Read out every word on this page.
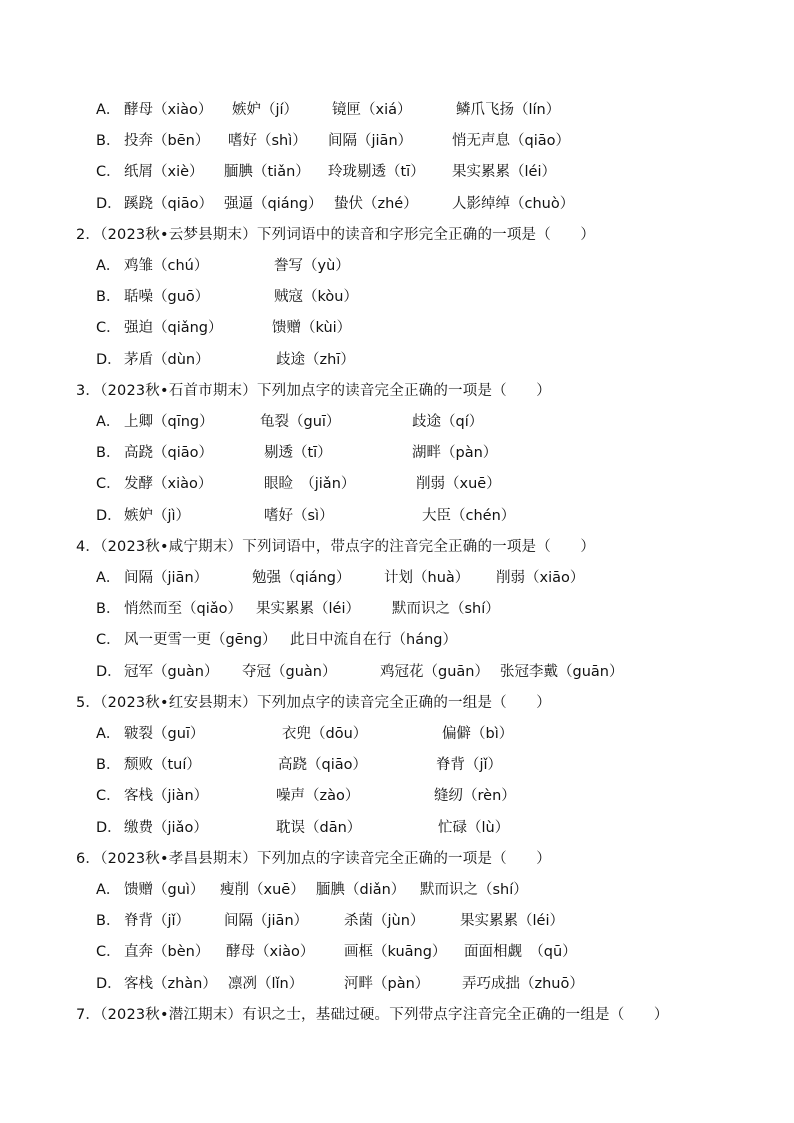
A． 酵母（xiào） 嫉妒（jí） 镜匣（xiá）	鳞爪飞扬（lín）
B． 投奔（bēn） 嗜好（shì） 间隔（jiān）	悄无声息（qiāo）
C． 纸屑（xiè） 腼腆（tiǎn） 玲珑剔透（tī） 果实累累（léi）
D． 蹊跷（qiāo） 强逼（qiáng） 蛰伏（zhé） 人影绰绰（chuò）
2．（2023秋•云梦县期末）下列词语中的读音和字形完全正确的一项是（　　）
A． 鸡雏（chú）	誊写（yù）
B． 聒噪（guō）	贼寇（kòu）
C． 强迫（qiǎng）	馈赠（kùi）
D． 茅盾（dùn）	歧途（zhī）
3．（2023秋•石首市期末）下列加点字的读音完全正确的一项是（　　）
A． 上卿（qīng）	龟裂（guī）	歧途（qí）
B． 高跷（qiāo）	剔透（tī）	湖畔（pàn）
C． 发酵（xiào）	眼睑　（jiǎn）	削弱（xuē）
D． 嫉妒（jì）	嗜好（sì）	大臣（chén）
4．（2023秋•咸宁期末）下列词语中，带点字的注音完全正确的一项是（　　）
A． 间隔（jiān）	勉强（qiáng） 计划（huà） 削弱（xiāo）
B． 悄然而至（qiǎo） 果实累累（léi） 默而识之（shí）
C． 风一更雪一更（gēng） 此日中流自在行（háng）
D． 冠军（guàn） 夺冠（guàn）	鸡冠花（guān） 张冠李戴（guān）
5．（2023秋•红安县期末）下列加点字的读音完全正确的一组是（　　）
A． 皲裂（guī）	衣兜（dōu）	偏僻（bì）
B． 颓败（tuí）	高跷（qiāo）	脊背（jǐ）
C． 客栈（jiàn）	噪声（zào）	缝纫（rèn）
D． 缴费（jiǎo）	耽误（dān）	忙碌（lù）
6．（2023秋•孝昌县期末）下列加点的字读音完全正确的一项是（　　）
A． 馈赠（guì） 瘦削（xuē） 腼腆（diǎn） 默而识之（shí）
B． 脊背（jǐ） 间隔（jiān） 杀菌（jùn） 果实累累（léi）
C． 直奔（bèn） 酵母（xiào） 画框（kuāng） 面面相觑　（qū）
D． 客栈（zhàn） 凛冽（lǐn）	河畔（pàn） 弄巧成拙（zhuō）
7．（2023秋•潜江期末）有识之士，基础过硬。下列带点字注音完全正确的一组是（　　）
